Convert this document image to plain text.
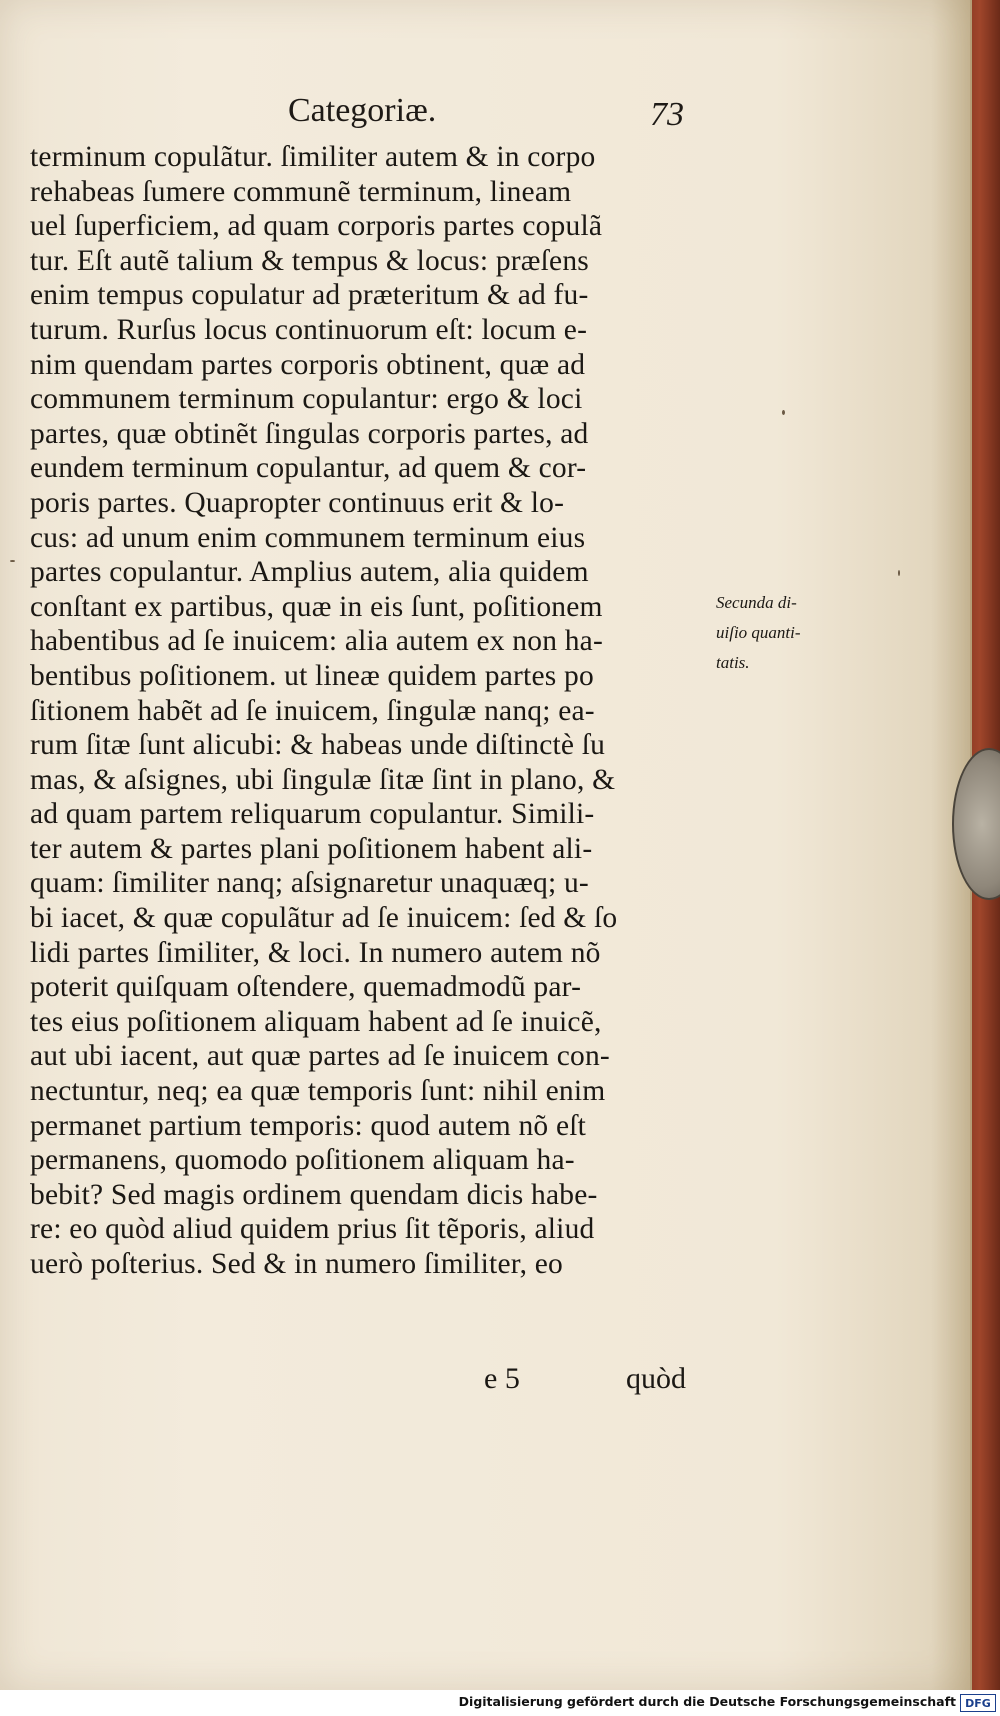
Categoriæ.	73
terminum copulãtur. ſimiliter autem & in corpo
rehabeas ſumere communẽ terminum, lineam
uel ſuperficiem, ad quam corporis partes copulã
tur. Eſt autẽ talium & tempus & locus: præſens
enim tempus copulatur ad præteritum & ad fu-
turum. Rurſus locus continuorum eſt: locum e-
nim quendam partes corporis obtinent, quæ ad
communem terminum copulantur: ergo & loci
partes, quæ obtinẽt ſingulas corporis partes, ad
eundem terminum copulantur, ad quem & cor-
poris partes. Quapropter continuus erit & lo-
cus: ad unum enim communem terminum eius
partes copulantur. Amplius autem, alia quidem
conſtant ex partibus, quæ in eis ſunt, poſitionem
habentibus ad ſe inuicem: alia autem ex non ha-
bentibus poſitionem. ut lineæ quidem partes po
ſitionem habẽt ad ſe inuicem, ſingulæ nanq; ea-
rum ſitæ ſunt alicubi: & habeas unde diſtinctè ſu
mas, & aſsignes, ubi ſingulæ ſitæ ſint in plano, &
ad quam partem reliquarum copulantur. Simili-
ter autem & partes plani poſitionem habent ali-
quam: ſimiliter nanq; aſsignaretur unaquæq; u-
bi iacet, & quæ copulãtur ad ſe inuicem: ſed & ſo
lidi partes ſimiliter, & loci. In numero autem nõ
poterit quiſquam oſtendere, quemadmodũ par-
tes eius poſitionem aliquam habent ad ſe inuicẽ,
aut ubi iacent, aut quæ partes ad ſe inuicem con-
nectuntur, neq; ea quæ temporis ſunt: nihil enim
permanet partium temporis: quod autem nõ eſt
permanens, quomodo poſitionem aliquam ha-
bebit? Sed magis ordinem quendam dicis habe-
re: eo quòd aliud quidem prius ſit tẽporis, aliud
uerò poſterius. Sed & in numero ſimiliter, eo
Secunda di-
uiſio quanti-
tatis.
e 5	quòd
Digitalisierung gefördert durch die Deutsche Forschungsgemeinschaft DFG
